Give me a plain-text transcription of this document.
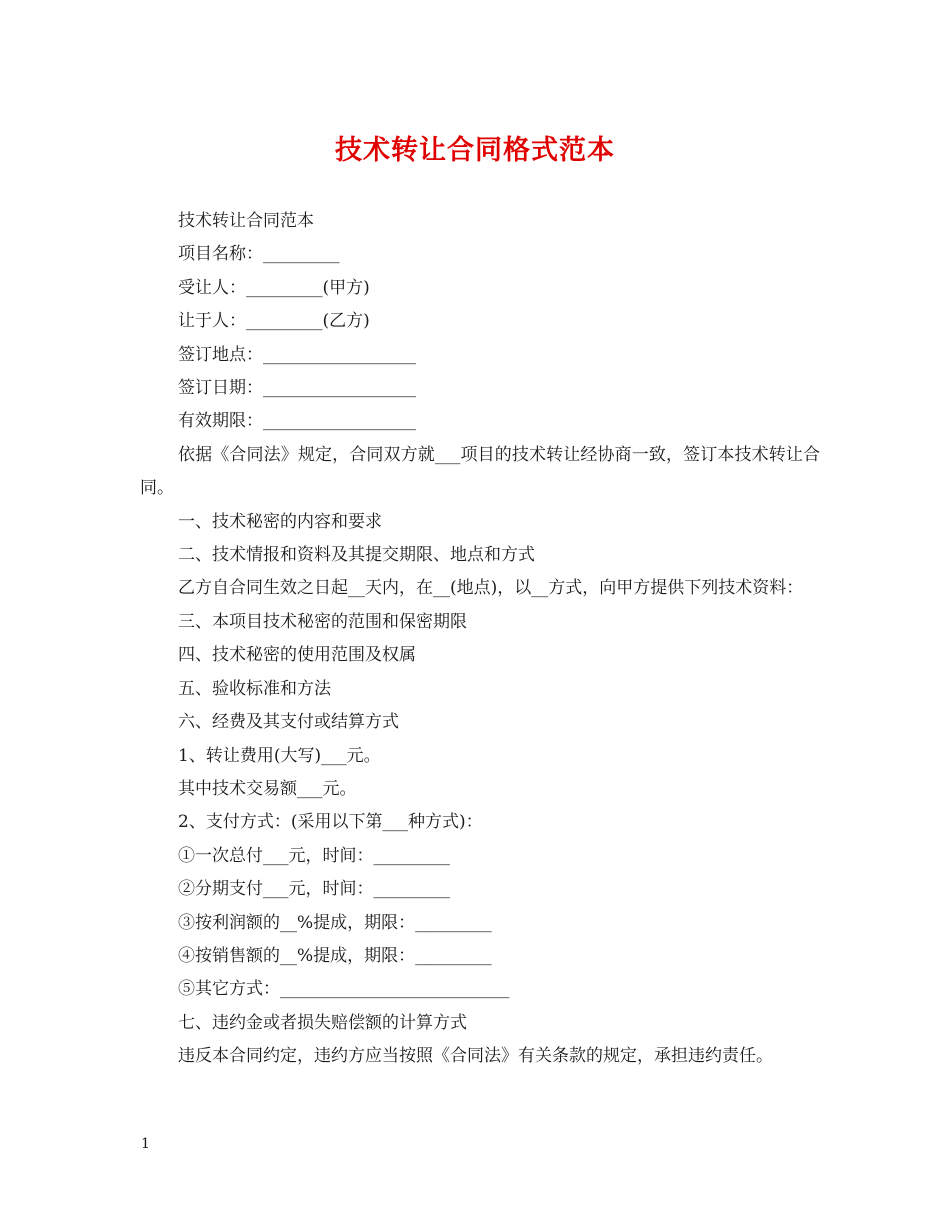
技术转让合同格式范本

技术转让合同范本

项目名称：_________

受让人：_________(甲方)

让于人：_________(乙方)

签订地点：__________________

签订日期：__________________

有效期限：__________________

依据《合同法》规定，合同双方就___项目的技术转让经协商一致，签订本技术转让合同。

一、技术秘密的内容和要求

二、技术情报和资料及其提交期限、地点和方式

乙方自合同生效之日起__天内，在__(地点)，以__方式，向甲方提供下列技术资料：

三、本项目技术秘密的范围和保密期限

四、技术秘密的使用范围及权属

五、验收标准和方法

六、经费及其支付或结算方式

1、转让费用(大写)___元。

其中技术交易额___元。

2、支付方式：(采用以下第___种方式)：

①一次总付___元，时间：_________

②分期支付___元，时间：_________

③按利润额的__%提成，期限：_________

④按销售额的__%提成，期限：_________

⑤其它方式：___________________________

七、违约金或者损失赔偿额的计算方式

违反本合同约定，违约方应当按照《合同法》有关条款的规定，承担违约责任。

1
